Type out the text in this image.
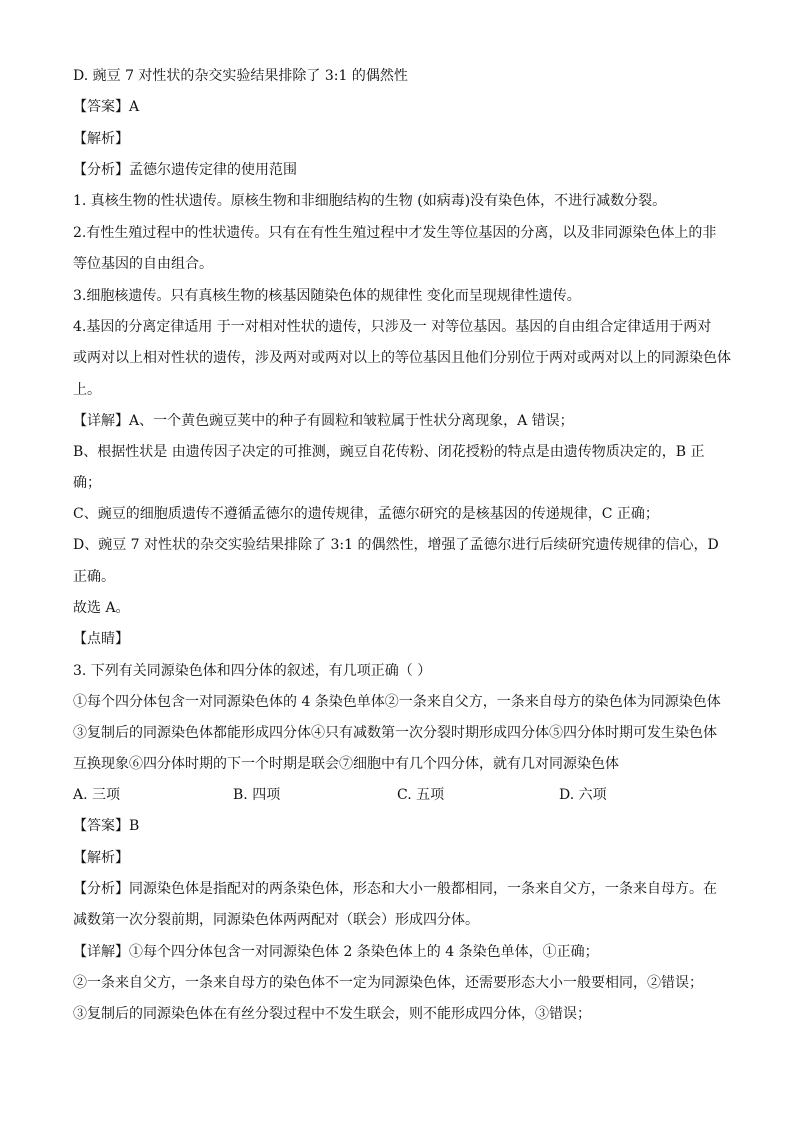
D. 豌豆 7 对性状的杂交实验结果排除了 3:1 的偶然性
【答案】A
【解析】
【分析】孟德尔遗传定律的使用范围
1. 真核生物的性状遗传。原核生物和非细胞结构的生物 (如病毒)没有染色体，不进行减数分裂。
2.有性生殖过程中的性状遗传。只有在有性生殖过程中才发生等位基因的分离，以及非同源染色体上的非
等位基因的自由组合。
3.细胞核遗传。只有真核生物的核基因随染色体的规律性 变化而呈现规律性遗传。
4.基因的分离定律适用 于一对相对性状的遗传，只涉及一 对等位基因。基因的自由组合定律适用于两对
或两对以上相对性状的遗传，涉及两对或两对以上的等位基因且他们分别位于两对或两对以上的同源染色体
上。
【详解】A、一个黄色豌豆荚中的种子有圆粒和皱粒属于性状分离现象，A 错误；
B、根据性状是 由遗传因子决定的可推测，豌豆自花传粉、闭花授粉的特点是由遗传物质决定的，B 正
确；
C、豌豆的细胞质遗传不遵循孟德尔的遗传规律，孟德尔研究的是核基因的传递规律，C 正确；
D、豌豆 7 对性状的杂交实验结果排除了 3:1 的偶然性，增强了孟德尔进行后续研究遗传规律的信心，D
正确。
故选 A。
【点睛】
3. 下列有关同源染色体和四分体的叙述，有几项正确（ ）
①每个四分体包含一对同源染色体的 4 条染色单体②一条来自父方，一条来自母方的染色体为同源染色体
③复制后的同源染色体都能形成四分体④只有减数第一次分裂时期形成四分体⑤四分体时期可发生染色体
互换现象⑥四分体时期的下一个时期是联会⑦细胞中有几个四分体，就有几对同源染色体
A. 三项	B. 四项	C. 五项	D. 六项
【答案】B
【解析】
【分析】同源染色体是指配对的两条染色体，形态和大小一般都相同，一条来自父方，一条来自母方。在
减数第一次分裂前期，同源染色体两两配对（联会）形成四分体。
【详解】①每个四分体包含一对同源染色体 2 条染色体上的 4 条染色单体，①正确；
②一条来自父方，一条来自母方的染色体不一定为同源染色体，还需要形态大小一般要相同，②错误；
③复制后的同源染色体在有丝分裂过程中不发生联会，则不能形成四分体，③错误；
